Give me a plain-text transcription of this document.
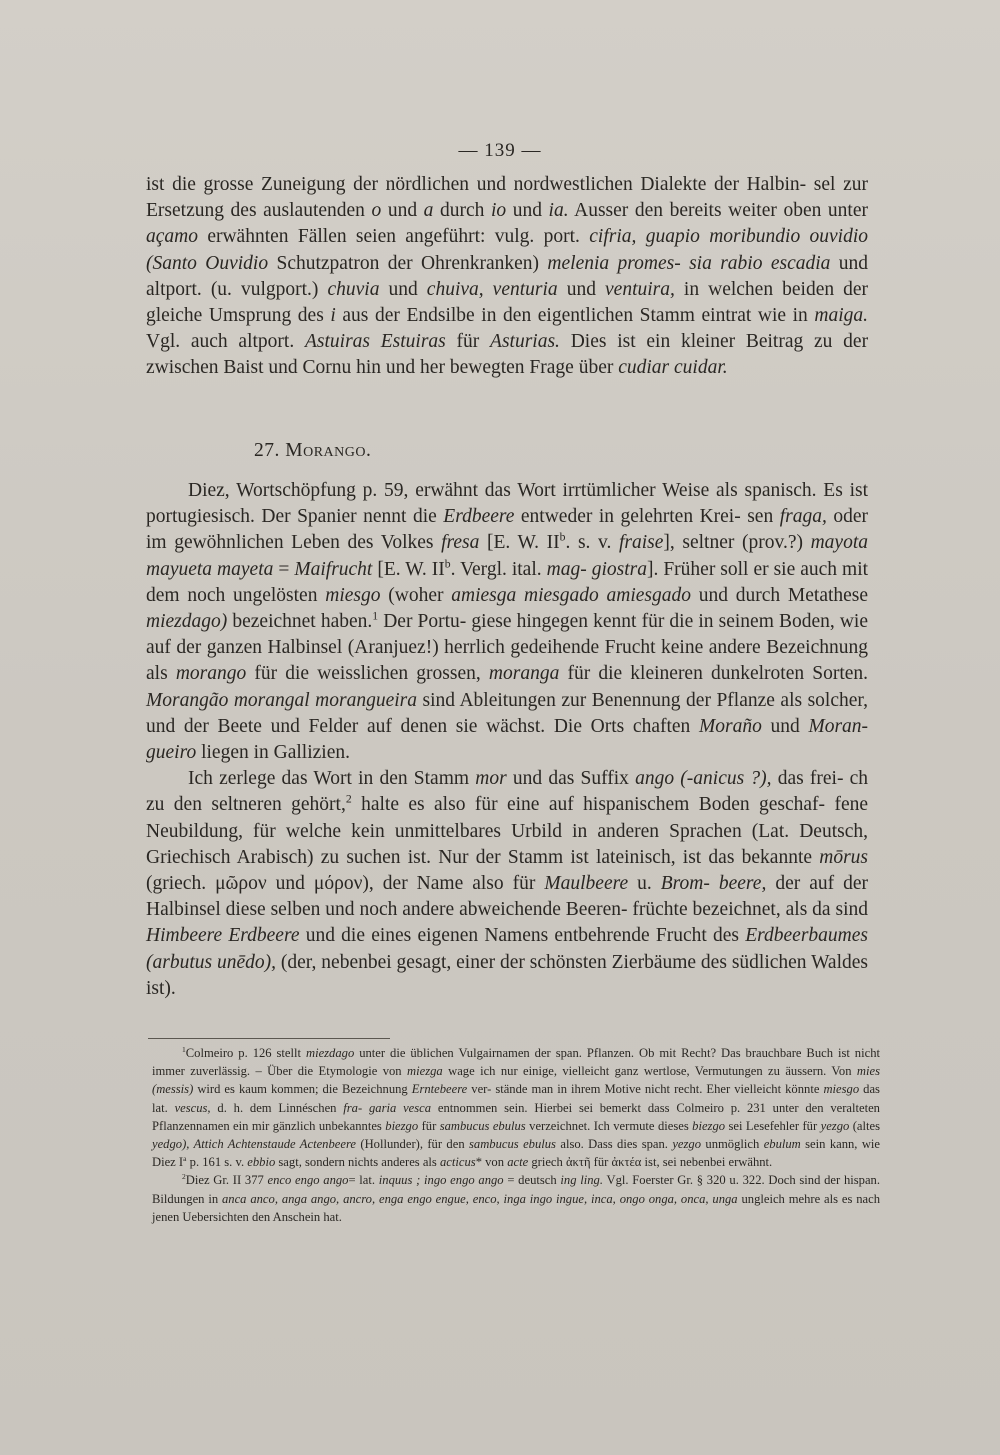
— 139 —

ist die grosse Zuneigung der nördlichen und nordwestlichen Dialekte der Halbin- sel zur Ersetzung des auslautenden o und a durch io und ia. Ausser den bereits weiter oben unter açamo erwähnten Fällen seien angeführt: vulg. port. cifria, guapio moribundio ouvidio (Santo Ouvidio Schutzpatron der Ohrenkranken) melenia promes- sia rabio escadia und altport. (u. vulgport.) chuvia und chuiva, venturia und ventuira, in welchen beiden der gleiche Umsprung des i aus der Endsilbe in den eigentlichen Stamm eintrat wie in maiga. Vgl. auch altport. Astuiras Estuiras für Asturias. Dies ist ein kleiner Beitrag zu der zwischen Baist und Cornu hin und her bewegten Frage über cudiar cuidar.

27. Morango.

Diez, Wortschöpfung p. 59, erwähnt das Wort irrtümlicher Weise als spanisch. Es ist portugiesisch. Der Spanier nennt die Erdbeere entweder in gelehrten Krei- sen fraga, oder im gewöhnlichen Leben des Volkes fresa [E. W. $II^b$. s. v. fraise], seltner (prov.?) mayota mayueta mayeta = Maifrucht [E. W. $II^b$. Vergl. ital. mag- giostra]. Früher soll er sie auch mit dem noch ungelösten miesgo (woher amiesga miesgado amiesgado und durch Metathese miezdago) bezeichnet haben.$^1$ Der Portu- giese hingegen kennt für die in seinem Boden, wie auf der ganzen Halbinsel (Aranjuez!) herrlich gedeihende Frucht keine andere Bezeichnung als morango für die weisslichen grossen, moranga für die kleineren dunkelroten Sorten. Morangão morangal morangueira sind Ableitungen zur Benennung der Pflanze als solcher, und der Beete und Felder auf denen sie wächst. Die Orts chaften Moraño und Moran- gueiro liegen in Gallizien.

Ich zerlege das Wort in den Stamm mor und das Suffix ango (-anicus ?), das frei- ch zu den seltneren gehört,$^2$ halte es also für eine auf hispanischem Boden geschaf- fene Neubildung, für welche kein unmittelbares Urbild in anderen Sprachen (Lat. Deutsch, Griechisch Arabisch) zu suchen ist. Nur der Stamm ist lateinisch, ist das bekannte mōrus (griech. μῶρον und μόρον), der Name also für Maulbeere u. Brom- beere, der auf der Halbinsel diese selben und noch andere abweichende Beeren- früchte bezeichnet, als da sind Himbeere Erdbeere und die eines eigenen Namens entbehrende Frucht des Erdbeerbaumes (arbutus unēdo), (der, nebenbei gesagt, einer der schönsten Zierbäume des südlichen Waldes ist).

$^1$Colmeiro p. 126 stellt miezdago unter die üblichen Vulgairnamen der span. Pflanzen. Ob mit Recht? Das brauchbare Buch ist nicht immer zuverlässig. – Über die Etymologie von miezga wage ich nur einige, vielleicht ganz wertlose, Vermutungen zu äussern. Von mies (messis) wird es kaum kommen; die Bezeichnung Erntebeere ver- stände man in ihrem Motive nicht recht. Eher vielleicht könnte miesgo das lat. vescus, d. h. dem Linnéschen fra- garia vesca entnommen sein. Hierbei sei bemerkt dass Colmeiro p. 231 unter den veralteten Pflanzennamen ein mir gänzlich unbekanntes biezgo für sambucus ebulus verzeichnet. Ich vermute dieses biezgo sei Lesefehler für yezgo (altes yedgo), Attich Achtenstaude Actenbeere (Hollunder), für den sambucus ebulus also. Dass dies span. yezgo unmöglich ebulum sein kann, wie Diez $I^a$ p. 161 s. v. ebbio sagt, sondern nichts anderes als acticus* von acte griech ἀκτῆ für ἀκτέα ist, sei nebenbei erwähnt.

$^2$Diez Gr. II 377 enco engo ango= lat. inquus ; ingo engo ango = deutsch ing ling. Vgl. Foerster Gr. § 320 u. 322. Doch sind der hispan. Bildungen in anca anco, anga ango, ancro, enga engo engue, enco, inga ingo ingue, inca, ongo onga, onca, unga ungleich mehre als es nach jenen Uebersichten den Anschein hat.
